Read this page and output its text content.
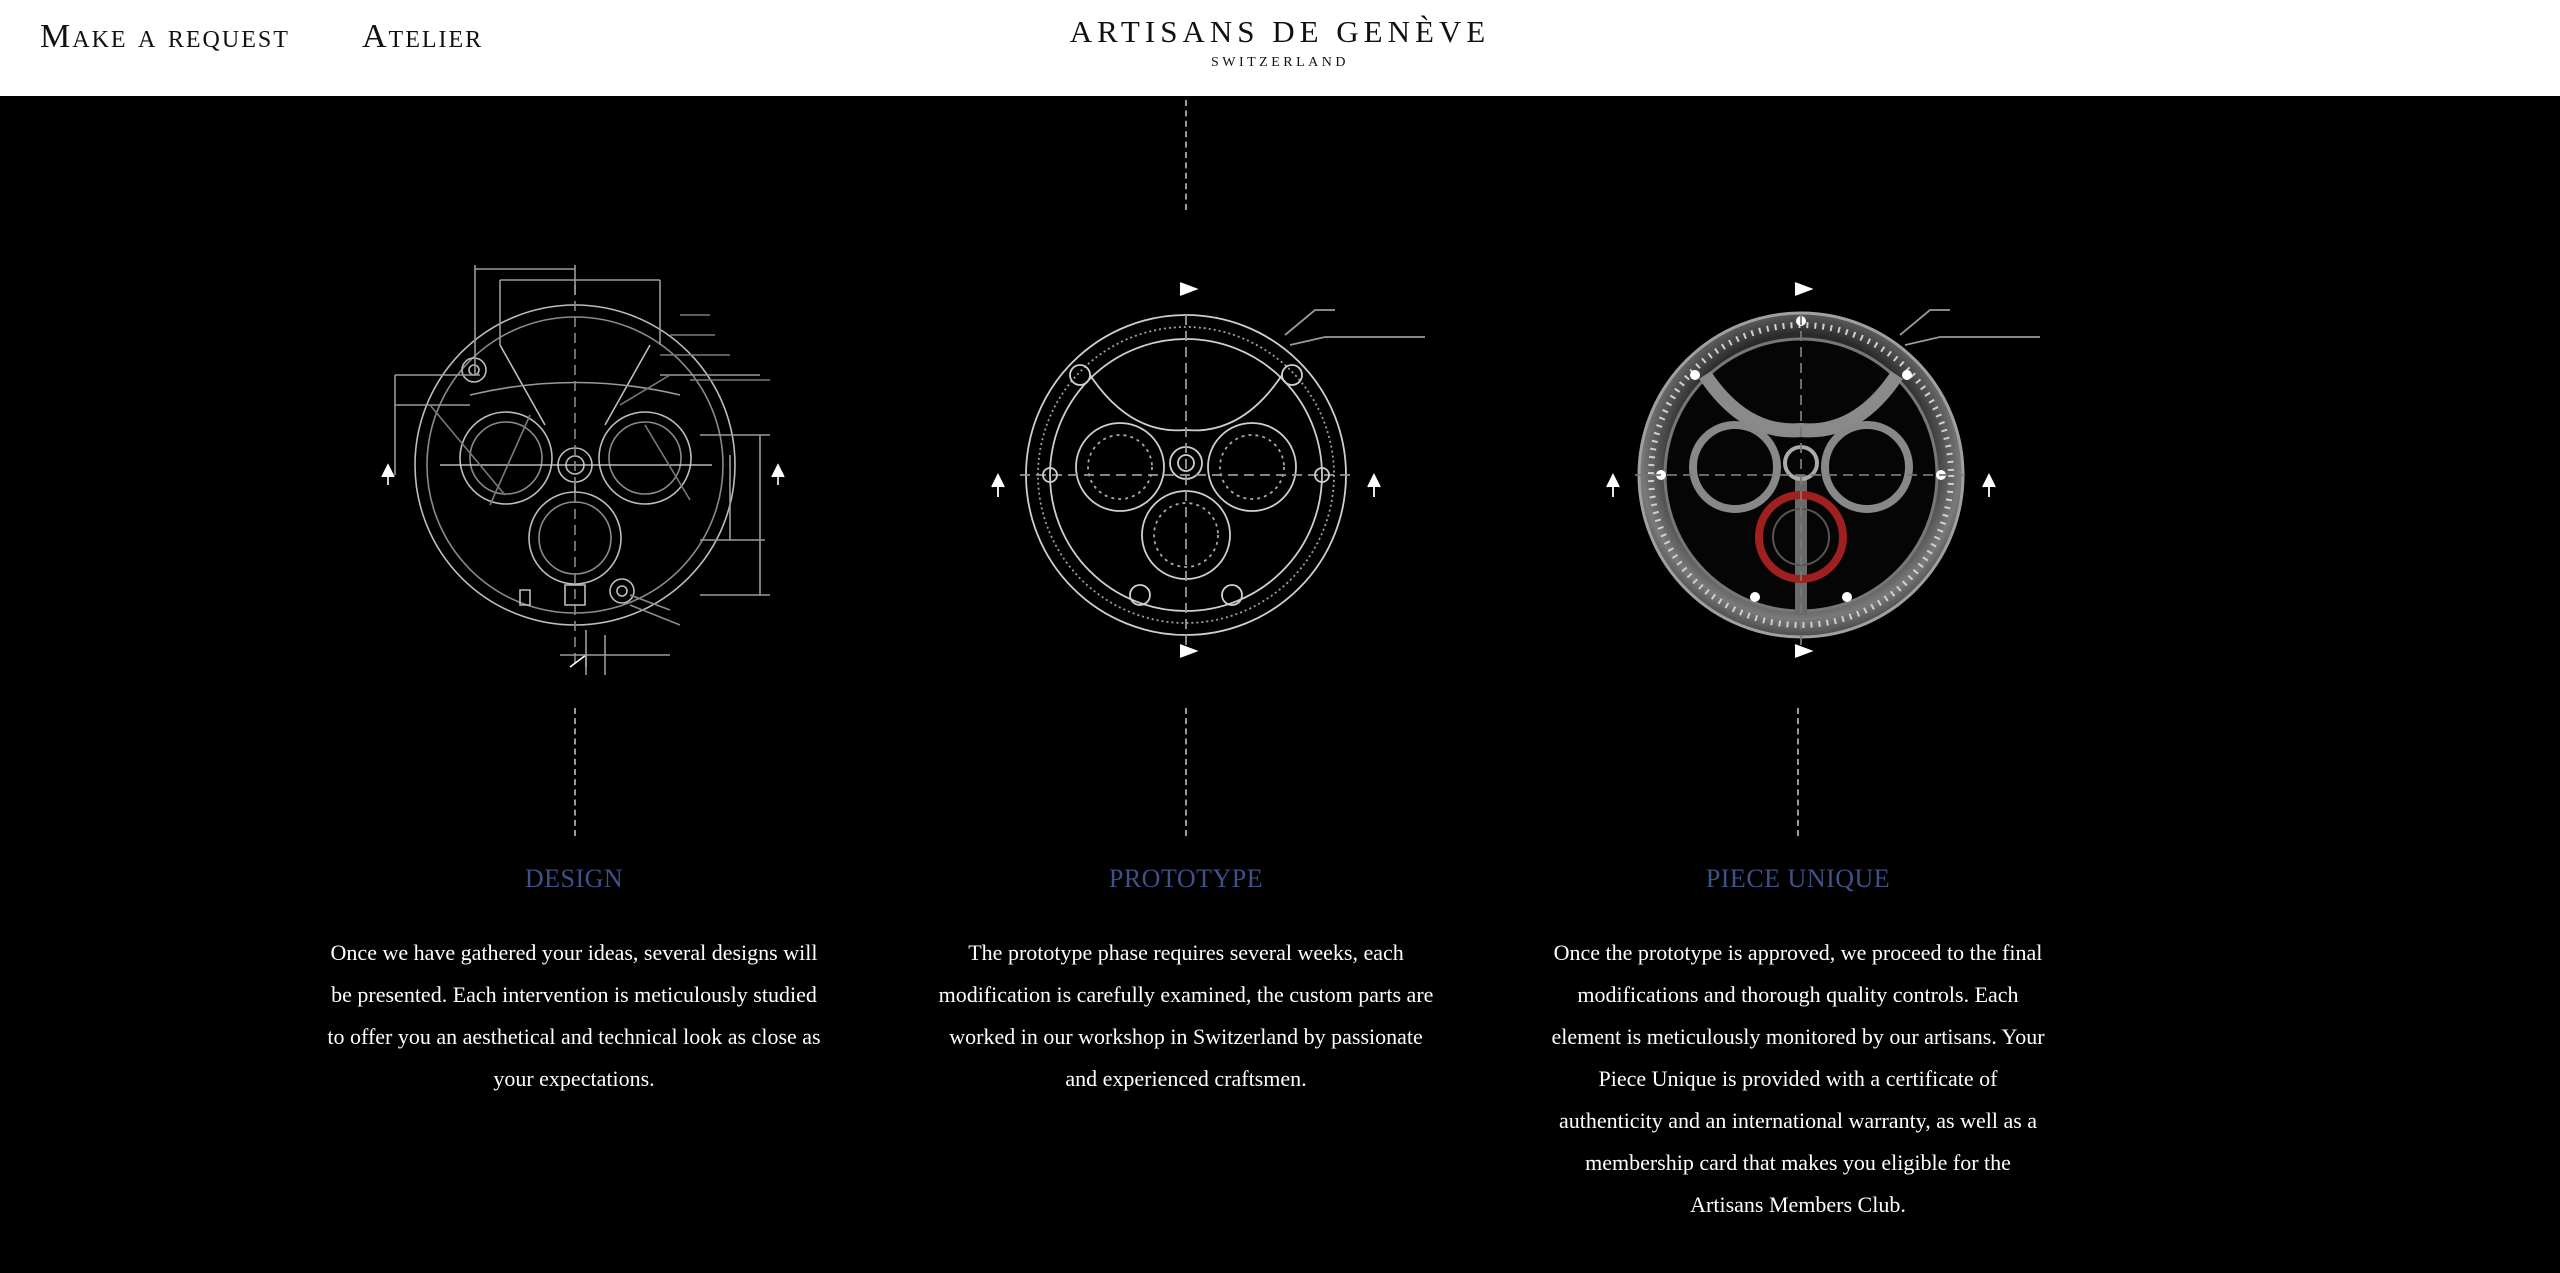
Make a request Atelier	ARTISANS DE GENÈVE
SWITZERLAND
DESIGN
Once we have gathered your ideas, several designs will be presented. Each intervention is meticulously studied to offer you an aesthetical and technical look as close as your expectations.
PROTOTYPE
The prototype phase requires several weeks, each modification is carefully examined, the custom parts are worked in our workshop in Switzerland by passionate and experienced craftsmen.
PIECE UNIQUE
Once the prototype is approved, we proceed to the final modifications and thorough quality controls. Each element is meticulously monitored by our artisans. Your Piece Unique is provided with a certificate of authenticity and an international warranty, as well as a membership card that makes you eligible for the Artisans Members Club.
